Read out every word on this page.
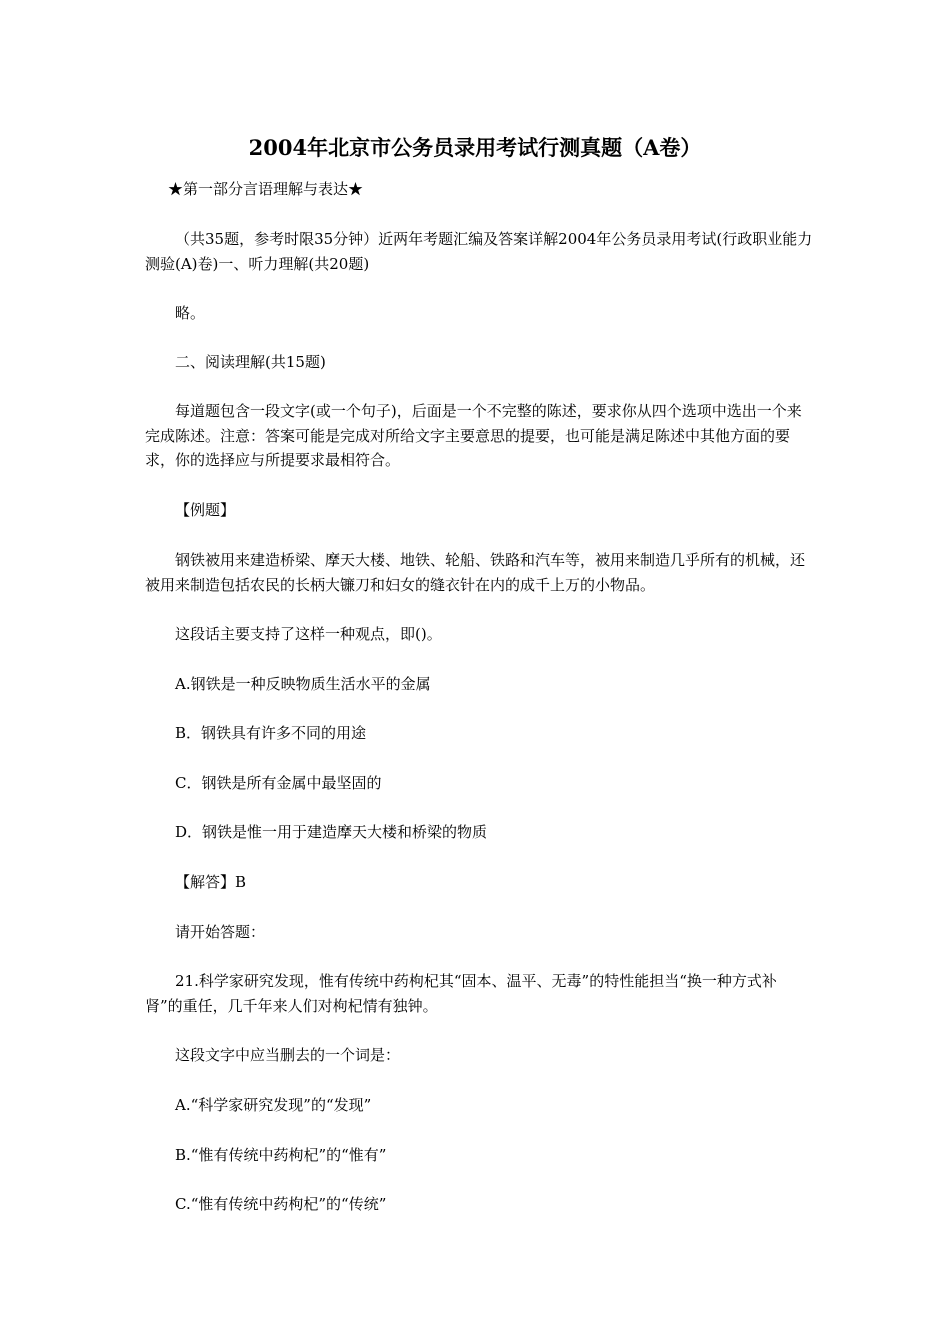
2004年北京市公务员录用考试行测真题（A卷）

★第一部分言语理解与表达★

（共35题，参考时限35分钟）近两年考题汇编及答案详解2004年公务员录用考试(行政职业能力测验(A)卷)一、听力理解(共20题)

略。

二、阅读理解(共15题)

每道题包含一段文字(或一个句子)，后面是一个不完整的陈述，要求你从四个选项中选出一个来完成陈述。注意：答案可能是完成对所给文字主要意思的提要，也可能是满足陈述中其他方面的要求，你的选择应与所提要求最相符合。

【例题】

钢铁被用来建造桥梁、摩天大楼、地铁、轮船、铁路和汽车等，被用来制造几乎所有的机械，还被用来制造包括农民的长柄大镰刀和妇女的缝衣针在内的成千上万的小物品。

这段话主要支持了这样一种观点，即()。

A.钢铁是一种反映物质生活水平的金属

B．钢铁具有许多不同的用途

C．钢铁是所有金属中最坚固的

D．钢铁是惟一用于建造摩天大楼和桥梁的物质

【解答】B

请开始答题：

21.科学家研究发现，惟有传统中药枸杞其“固本、温平、无毒”的特性能担当“换一种方式补肾”的重任，几千年来人们对枸杞情有独钟。

这段文字中应当删去的一个词是：

A.“科学家研究发现”的“发现”

B.“惟有传统中药枸杞”的“惟有”

C.“惟有传统中药枸杞”的“传统”
